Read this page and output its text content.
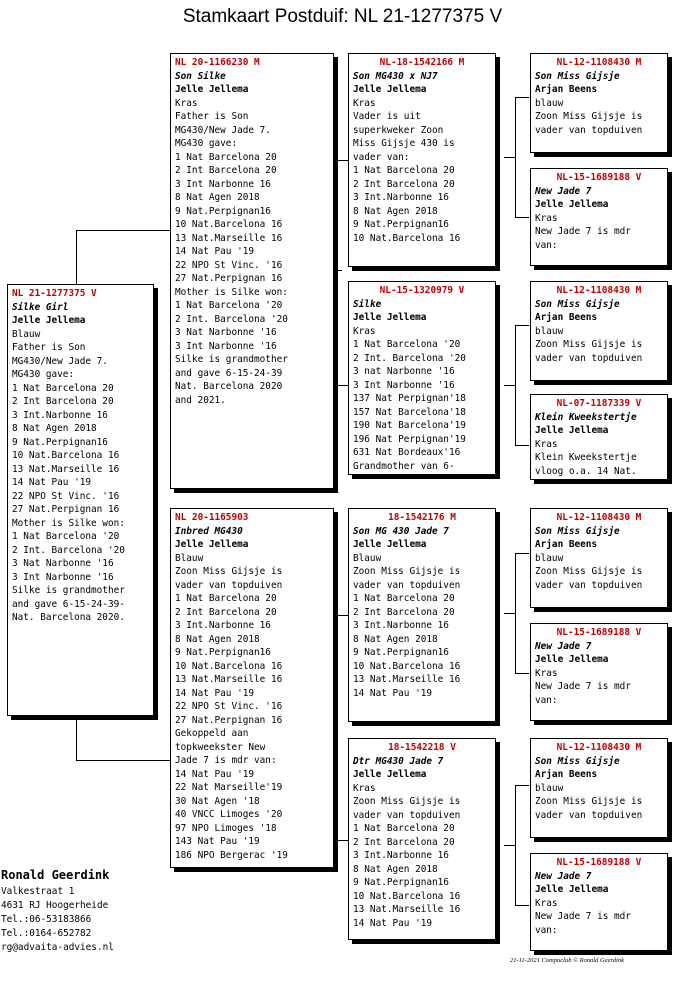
Stamkaart Postduif: NL 21-1277375 V
NL 21-1277375 V
Silke Girl
Jelle Jellema
Blauw
Father is Son
MG430/New Jade 7.
MG430 gave:
1 Nat Barcelona 20
2 Int Barcelona 20
3 Int.Narbonne 16
8 Nat Agen 2018
9 Nat.Perpignan16
10 Nat.Barcelona 16
13 Nat.Marseille 16
14 Nat Pau '19
22 NPO St Vinc. '16
27 Nat.Perpignan 16
Mother is Silke won:
1 Nat Barcelona '20
2 Int. Barcelona '20
3 Nat Narbonne '16
3 Int Narbonne '16
Silke is grandmother
and gave 6-15-24-39-
Nat. Barcelona 2020.
NL 20-1166230 M
Son Silke
Jelle Jellema
Kras
Father is Son
MG430/New Jade 7.
MG430 gave:
1 Nat Barcelona 20
2 Int Barcelona 20
3 Int Narbonne 16
8 Nat Agen 2018
9 Nat.Perpignan16
10 Nat.Barcelona 16
13 Nat.Marseille 16
14 Nat Pau '19
22 NPO St Vinc. '16
27 Nat.Perpignan 16
Mother is Silke won:
1 Nat Barcelona '20
2 Int. Barcelona '20
3 Nat Narbonne '16
3 Int Narbonne '16
Silke is grandmother
and gave 6-15-24-39
Nat. Barcelona 2020
and 2021.
NL 20-1165903
Inbred MG430
Jelle Jellema
Blauw
Zoon Miss Gijsje is
vader van topduiven
1 Nat Barcelona 20
2 Int Barcelona 20
3 Int.Narbonne 16
8 Nat Agen 2018
9 Nat.Perpignan16
10 Nat.Barcelona 16
13 Nat.Marseille 16
14 Nat Pau '19
22 NPO St Vinc. '16
27 Nat.Perpignan 16
Gekoppeld aan
topkweekster New
Jade 7 is mdr van:
14 Nat Pau '19
22 Nat Marseille'19
30 Nat Agen '18
40 VNCC Limoges '20
97 NPO Limoges '18
143 Nat Pau '19
186 NPO Bergerac '19
NL-18-1542166 M
Son MG430 x NJ7
Jelle Jellema
Kras
Vader is uit
superkweker Zoon
Miss Gijsje 430 is
vader van:
1 Nat Barcelona 20
2 Int Barcelona 20
3 Int.Narbonne 16
8 Nat Agen 2018
9 Nat.Perpignan16
10 Nat.Barcelona 16
NL-15-1320979 V
Silke
Jelle Jellema
Kras
1 Nat Barcelona '20
2 Int. Barcelona '20
3 nat Narbonne '16
3 Int Narbonne '16
137 Nat Perpignan'18
157 Nat Barcelona'18
190 Nat Barcelona'19
196 Nat Perpignan'19
631 Nat Bordeaux'16
Grandmother van 6-
18-1542176 M
Son MG 430 Jade 7
Jelle Jellema
Blauw
Zoon Miss Gijsje is
vader van topduiven
1 Nat Barcelona 20
2 Int Barcelona 20
3 Int.Narbonne 16
8 Nat Agen 2018
9 Nat.Perpignan16
10 Nat.Barcelona 16
13 Nat.Marseille 16
14 Nat Pau '19
18-1542218 V
Dtr MG430 Jade 7
Jelle Jellema
Kras
Zoon Miss Gijsje is
vader van topduiven
1 Nat Barcelona 20
2 Int Barcelona 20
3 Int.Narbonne 16
8 Nat Agen 2018
9 Nat.Perpignan16
10 Nat.Barcelona 16
13 Nat.Marseille 16
14 Nat Pau '19
NL-12-1108430 M
Son Miss Gijsje
Arjan Beens
blauw
Zoon Miss Gijsje is
vader van topduiven
NL-15-1689188 V
New Jade 7
Jelle Jellema
Kras
New Jade 7 is mdr
van:
NL-12-1108430 M
Son Miss Gijsje
Arjan Beens
blauw
Zoon Miss Gijsje is
vader van topduiven
NL-07-1187339 V
Klein Kweekstertje
Jelle Jellema
Kras
Klein Kweekstertje
vloog o.a. 14 Nat.
NL-12-1108430 M
Son Miss Gijsje
Arjan Beens
blauw
Zoon Miss Gijsje is
vader van topduiven
NL-15-1689188 V
New Jade 7
Jelle Jellema
Kras
New Jade 7 is mdr
van:
NL-12-1108430 M
Son Miss Gijsje
Arjan Beens
blauw
Zoon Miss Gijsje is
vader van topduiven
NL-15-1689188 V
New Jade 7
Jelle Jellema
Kras
New Jade 7 is mdr
van:
Ronald Geerdink
Valkestraat 1
4631 RJ Hoogerheide
Tel.:06-53183866
Tel.:0164-652782
rg@advaita-advies.nl
21-11-2021 Compuclub © Ronald Geerdink
